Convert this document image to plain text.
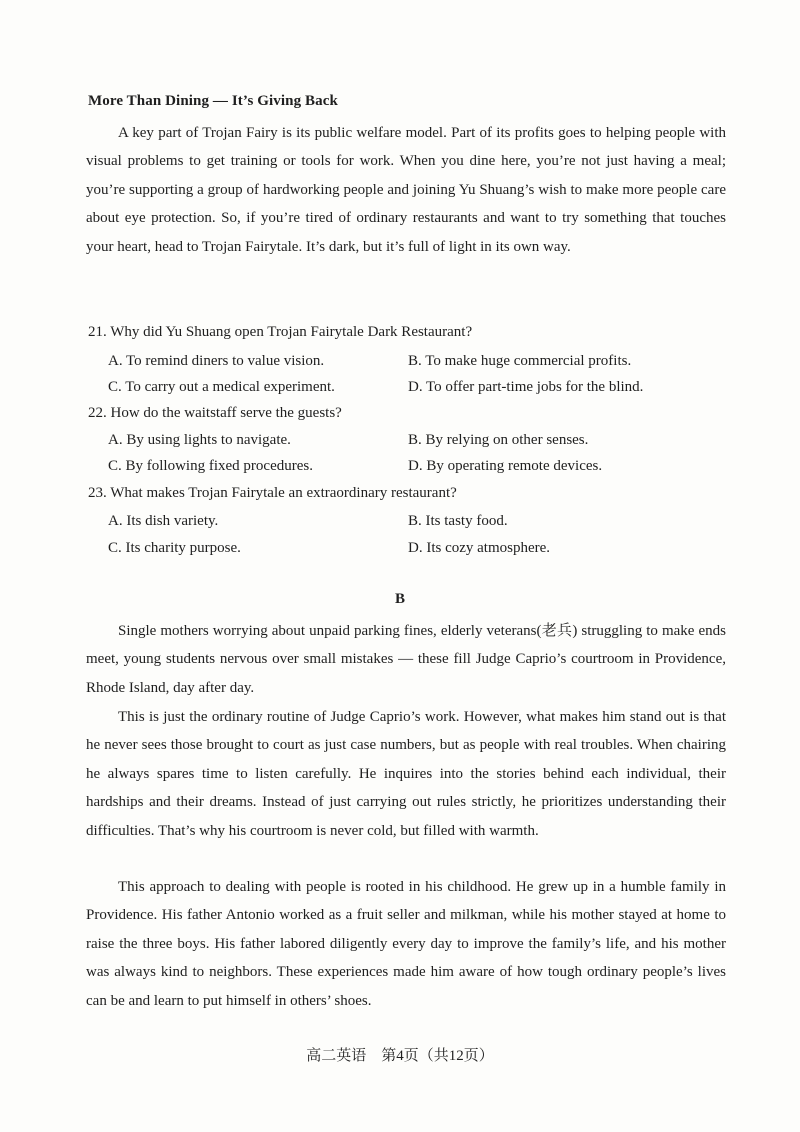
More Than Dining — It’s Giving Back

A key part of Trojan Fairy is its public welfare model. Part of its profits goes to helping people with visual problems to get training or tools for work. When you dine here, you’re not just having a meal; you’re supporting a group of hardworking people and joining Yu Shuang’s wish to make more people care about eye protection. So, if you’re tired of ordinary restaurants and want to try something that touches your heart, head to Trojan Fairytale. It’s dark, but it’s full of light in its own way.

21. Why did Yu Shuang open Trojan Fairytale Dark Restaurant?
A. To remind diners to value vision.	B. To make huge commercial profits.
C. To carry out a medical experiment.	D. To offer part-time jobs for the blind.
22. How do the waitstaff serve the guests?
A. By using lights to navigate.	B. By relying on other senses.
C. By following fixed procedures.	D. By operating remote devices.
23. What makes Trojan Fairytale an extraordinary restaurant?
A. Its dish variety.	B. Its tasty food.
C. Its charity purpose.	D. Its cozy atmosphere.
B

Single mothers worrying about unpaid parking fines, elderly veterans(老兵) struggling to make ends meet, young students nervous over small mistakes — these fill Judge Caprio’s courtroom in Providence, Rhode Island, day after day.

This is just the ordinary routine of Judge Caprio’s work. However, what makes him stand out is that he never sees those brought to court as just case numbers, but as people with real troubles. When chairing he always spares time to listen carefully. He inquires into the stories behind each individual, their hardships and their dreams. Instead of just carrying out rules strictly, he prioritizes understanding their difficulties. That’s why his courtroom is never cold, but filled with warmth.

This approach to dealing with people is rooted in his childhood. He grew up in a humble family in Providence. His father Antonio worked as a fruit seller and milkman, while his mother stayed at home to raise the three boys. His father labored diligently every day to improve the family’s life, and his mother was always kind to neighbors. These experiences made him aware of how tough ordinary people’s lives can be and learn to put himself in others’ shoes.

高二英语　第4页（共12页）
